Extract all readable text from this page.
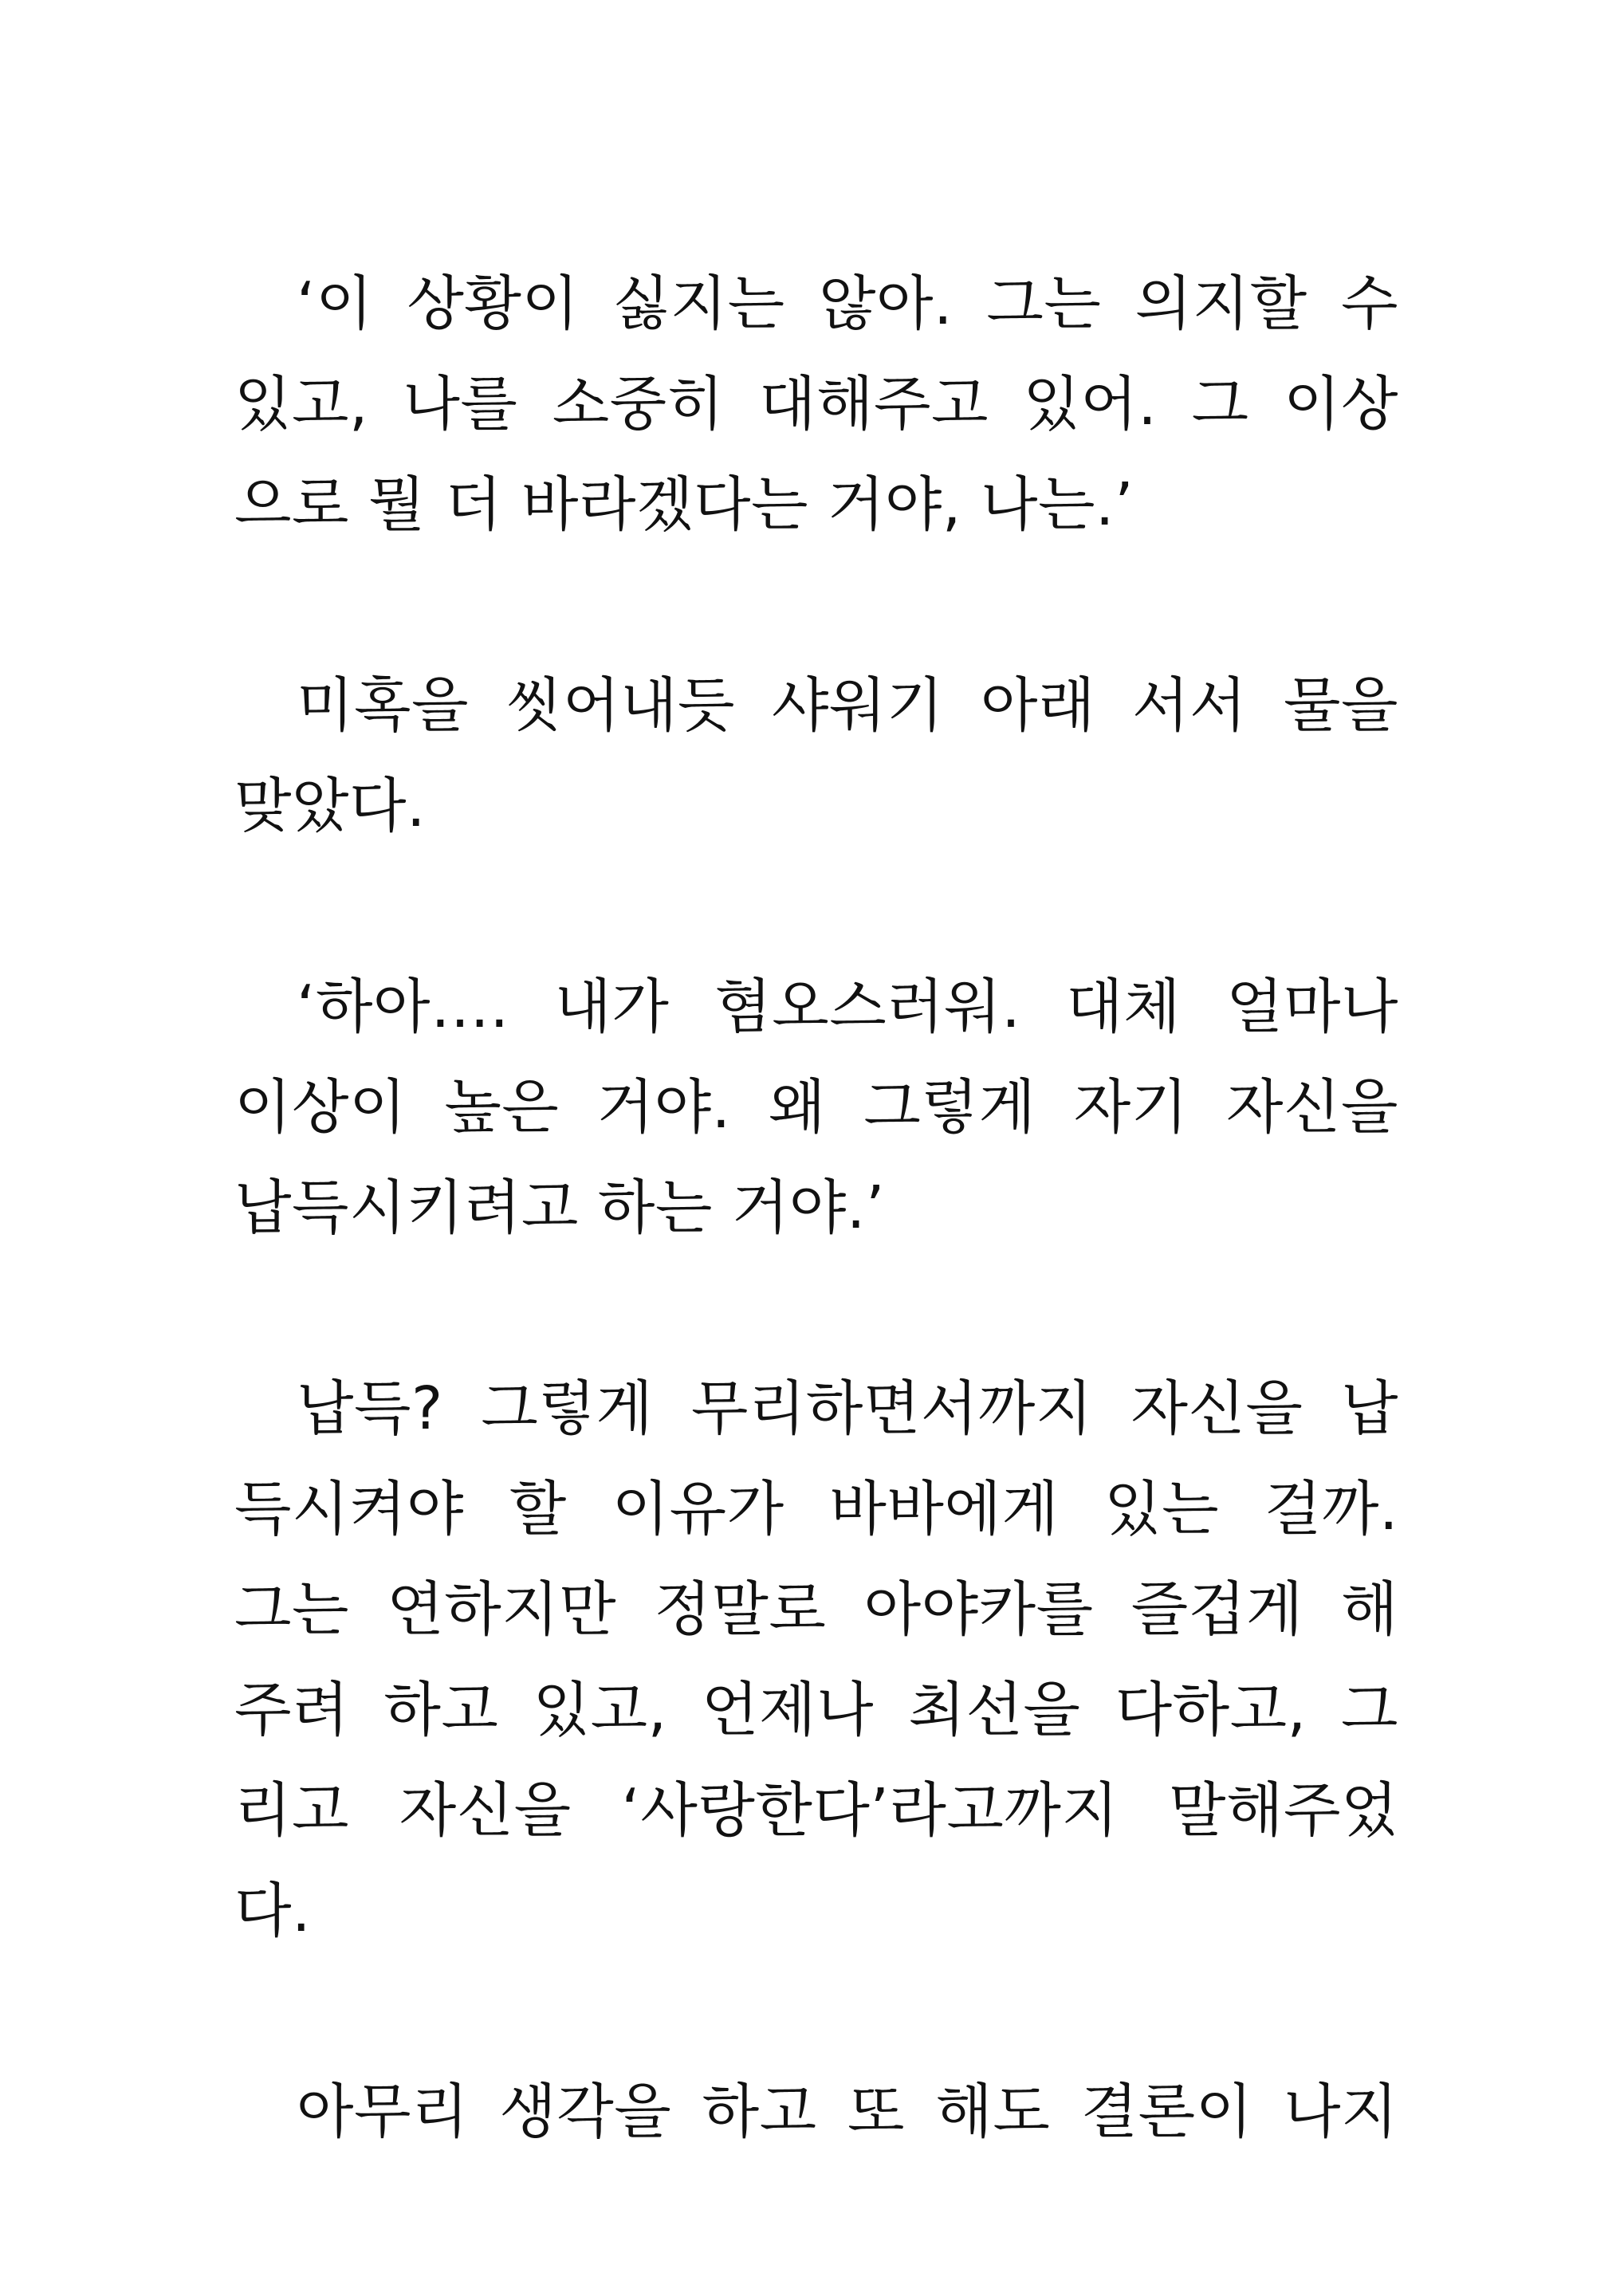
‘이 상황이 싫지는 않아. 그는 의지할 수
있고, 나를 소중히 대해주고 있어. 그 이상
으로 뭘 더 바라겠다는 거야, 나는.’
미혹을 씻어내듯 샤워기 아래 서서 물을
맞았다.
‘하아…. 내가 혐오스러워. 대체 얼마나
이상이 높은 거야. 왜 그렇게 자기 자신을
납득시키려고 하는 거야.’
납득? 그렇게 무리하면서까지 자신을 납
득시켜야 할 이유가 바바에게 있는 걸까.
그는 연하지만 정말로 아야카를 즐겁게 해
주려 하고 있고, 언제나 최선을 다하고, 그
리고 자신을 ‘사랑한다’라고까지 말해주었
다.
아무리 생각을 하고 또 해도 결론이 나지
